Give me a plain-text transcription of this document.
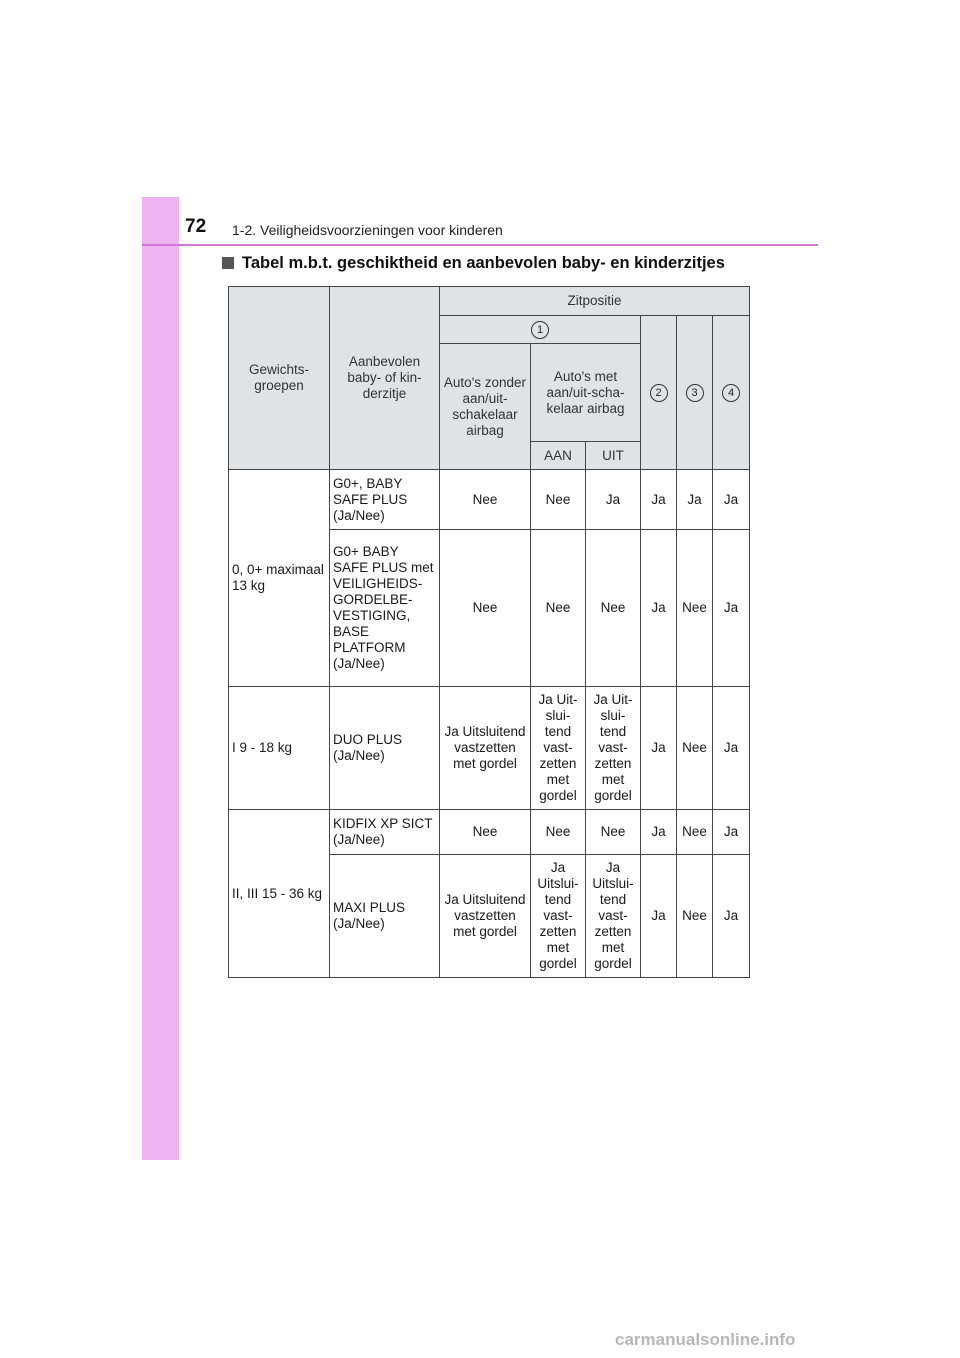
72 1-2. Veiligheidsvoorzieningen voor kinderen
Tabel m.b.t. geschiktheid en aanbevolen baby- en kinderzitjes
Gewichts-groepen	Aanbevolen baby- of kin-derzitje	Zitpositie					
		1			2	3	4
		Auto's zonder aan/uit-schakelaar airbag	Auto's met aan/uit-scha-kelaar airbag				
			AAN	UIT			
0, 0+ maximaal 13 kg	G0+, BABY SAFE PLUS (Ja/Nee)	Nee	Nee	Ja	Ja	Ja	Ja
	G0+ BABY SAFE PLUS met VEILIGHEIDS-GORDELBE-VESTIGING, BASE PLATFORM (Ja/Nee)	Nee	Nee	Nee	Ja	Nee	Ja
I 9 - 18 kg	DUO PLUS (Ja/Nee)	Ja Uitsluitend vastzetten met gordel	Ja Uit-slui-tend vast-zetten met gordel	Ja Uit-slui-tend vast-zetten met gordel	Ja	Nee	Ja
II, III 15 - 36 kg	KIDFIX XP SICT (Ja/Nee)	Nee	Nee	Nee	Ja	Nee	Ja
	MAXI PLUS (Ja/Nee)	Ja Uitsluitend vastzetten met gordel	Ja Uitslui-tend vast-zetten met gordel	Ja Uitslui-tend vast-zetten met gordel	Ja	Nee	Ja
carmanualsonline.info
